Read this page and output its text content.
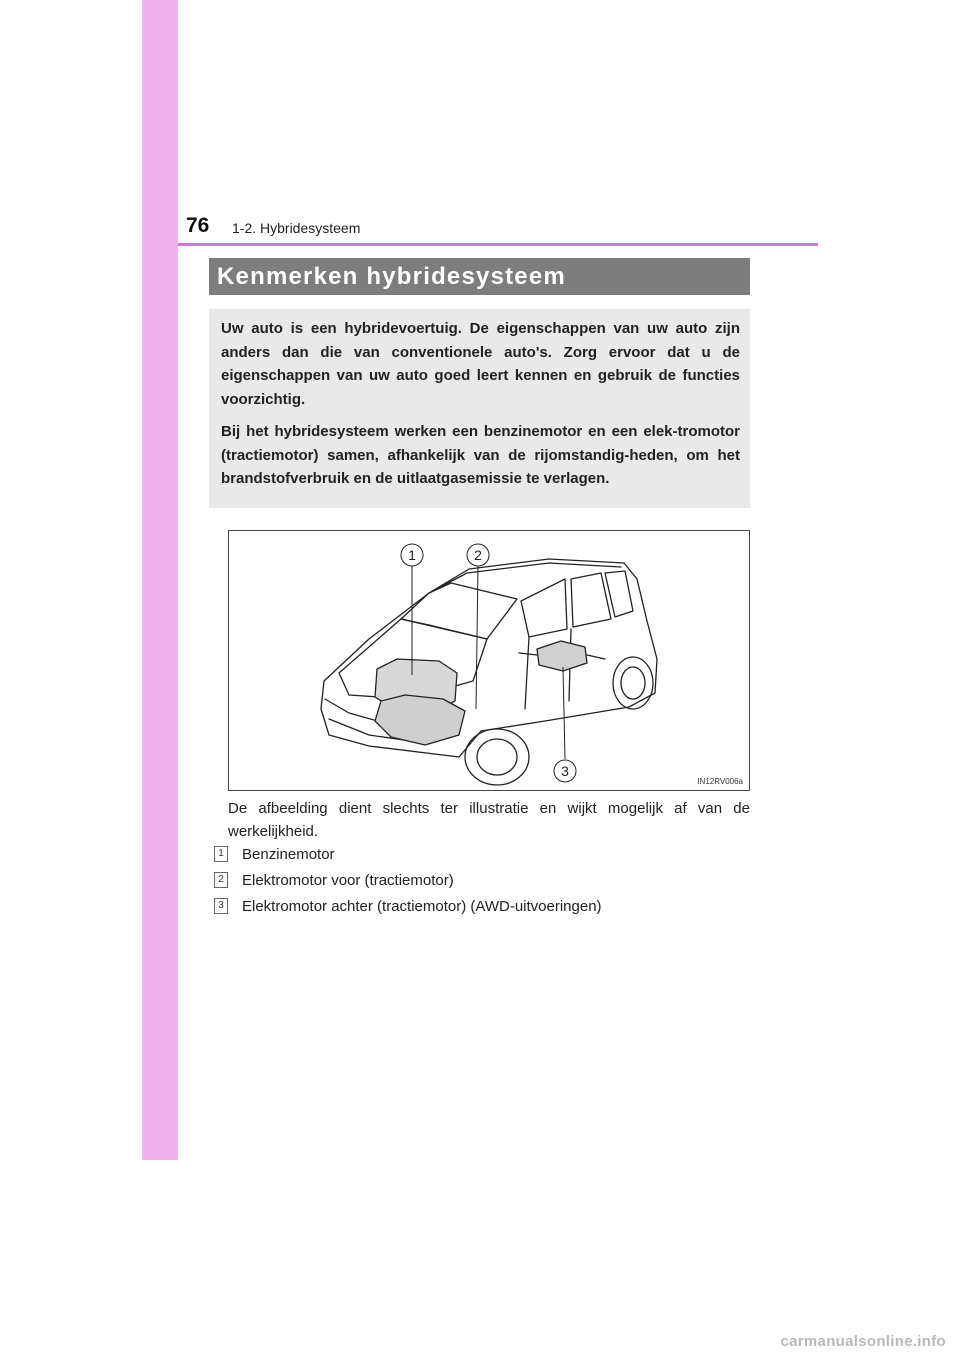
76 1-2. Hybridesysteem
Kenmerken hybridesysteem

Uw auto is een hybridevoertuig. De eigenschappen van uw auto zijn anders dan die van conventionele auto's. Zorg ervoor dat u de eigenschappen van uw auto goed leert kennen en gebruik de functies voorzichtig.

Bij het hybridesysteem werken een benzinemotor en een elek-tromotor (tractiemotor) samen, afhankelijk van de rijomstandig-heden, om het brandstofverbruik en de uitlaatgasemissie te verlagen.

1	2
3
IN12RV006a
De afbeelding dient slechts ter illustratie en wijkt mogelijk af van de werkelijkheid.
1 Benzinemotor
2 Elektromotor voor (tractiemotor)
3 Elektromotor achter (tractiemotor) (AWD-uitvoeringen)
carmanualsonline.info
